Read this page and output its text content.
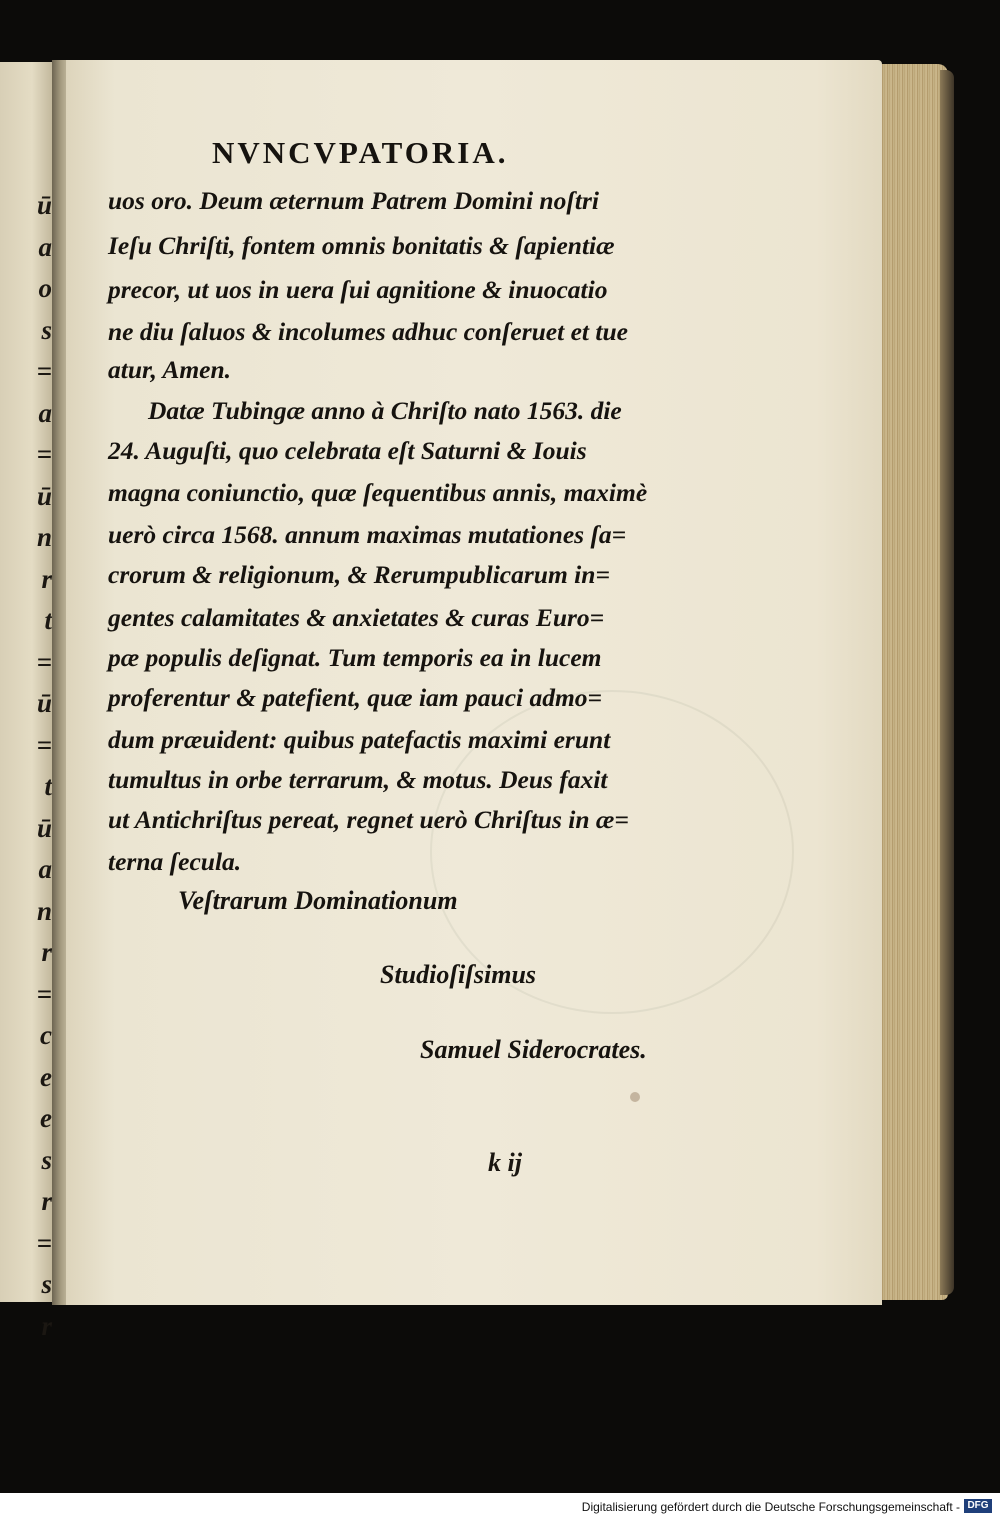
ū
a
o
s
=
a
=
ū
n
r
t
=
ū
=
t
ū
a
n
r
=
c
e
e
s
r
=
s
r
NVNCVPATORIA.
uos oro. Deum æternum Patrem Domini noſtri
Ieſu Chriſti, fontem omnis bonitatis & ſapientiæ
precor, ut uos in uera ſui agnitione & inuocatio
ne diu ſaluos & incolumes adhuc conſeruet et tue
atur, Amen.
Datæ Tubingæ anno à Chriſto nato 1563. die
24. Auguſti, quo celebrata eſt Saturni & Iouis
magna coniunctio, quæ ſequentibus annis, maximè
uerò circa 1568. annum maximas mutationes ſa=
crorum & religionum, & Rerumpublicarum in=
gentes calamitates & anxietates & curas Euro=
pæ populis deſignat. Tum temporis ea in lucem
proferentur & patefient, quæ iam pauci admo=
dum præuident: quibus patefactis maximi erunt
tumultus in orbe terrarum, & motus. Deus faxit
ut Antichriſtus pereat, regnet uerò Chriſtus in æ=
terna ſecula.
Veſtrarum Dominationum
Studioſiſsimus
Samuel Siderocrates.
k ij
Digitalisierung gefördert durch die Deutsche Forschungsgemeinschaft - DFG
